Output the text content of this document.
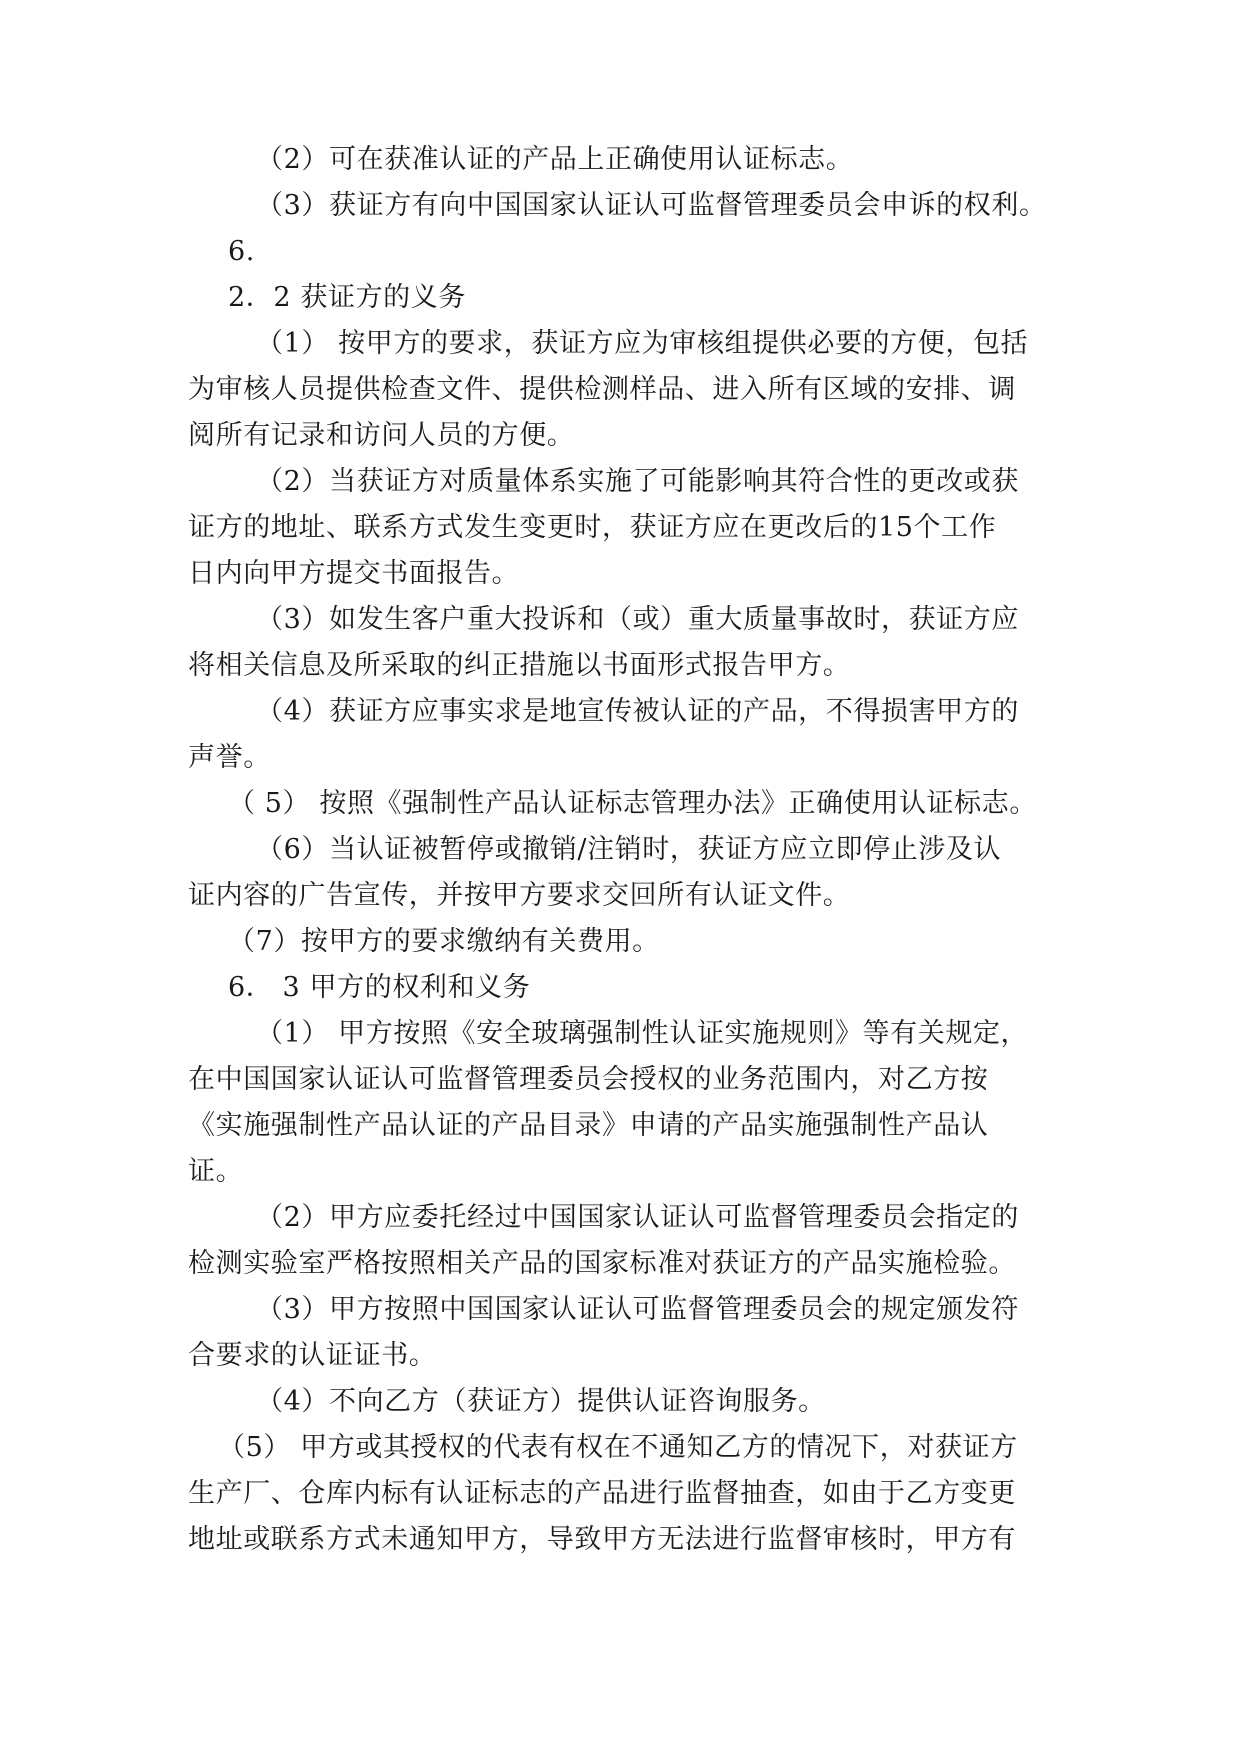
（2）可在获准认证的产品上正确使用认证标志。
（3）获证方有向中国国家认证认可监督管理委员会申诉的权利。
6.
2．2 获证方的义务
（1） 按甲方的要求，获证方应为审核组提供必要的方便，包括
为审核人员提供检查文件、提供检测样品、进入所有区域的安排、调
阅所有记录和访问人员的方便。
（2）当获证方对质量体系实施了可能影响其符合性的更改或获
证方的地址、联系方式发生变更时，获证方应在更改后的15个工作
日内向甲方提交书面报告。
（3）如发生客户重大投诉和（或）重大质量事故时，获证方应
将相关信息及所采取的纠正措施以书面形式报告甲方。
（4）获证方应事实求是地宣传被认证的产品，不得损害甲方的
声誉。
（ 5） 按照《强制性产品认证标志管理办法》正确使用认证标志。
（6）当认证被暂停或撤销/注销时，获证方应立即停止涉及认
证内容的广告宣传，并按甲方要求交回所有认证文件。
（7）按甲方的要求缴纳有关费用。
6． 3 甲方的权利和义务
（1） 甲方按照《安全玻璃强制性认证实施规则》等有关规定，
在中国国家认证认可监督管理委员会授权的业务范围内，对乙方按
《实施强制性产品认证的产品目录》申请的产品实施强制性产品认
证。
（2）甲方应委托经过中国国家认证认可监督管理委员会指定的
检测实验室严格按照相关产品的国家标准对获证方的产品实施检验。
（3）甲方按照中国国家认证认可监督管理委员会的规定颁发符
合要求的认证证书。
（4）不向乙方（获证方）提供认证咨询服务。
（5） 甲方或其授权的代表有权在不通知乙方的情况下，对获证方
生产厂、仓库内标有认证标志的产品进行监督抽查，如由于乙方变更
地址或联系方式未通知甲方，导致甲方无法进行监督审核时，甲方有
